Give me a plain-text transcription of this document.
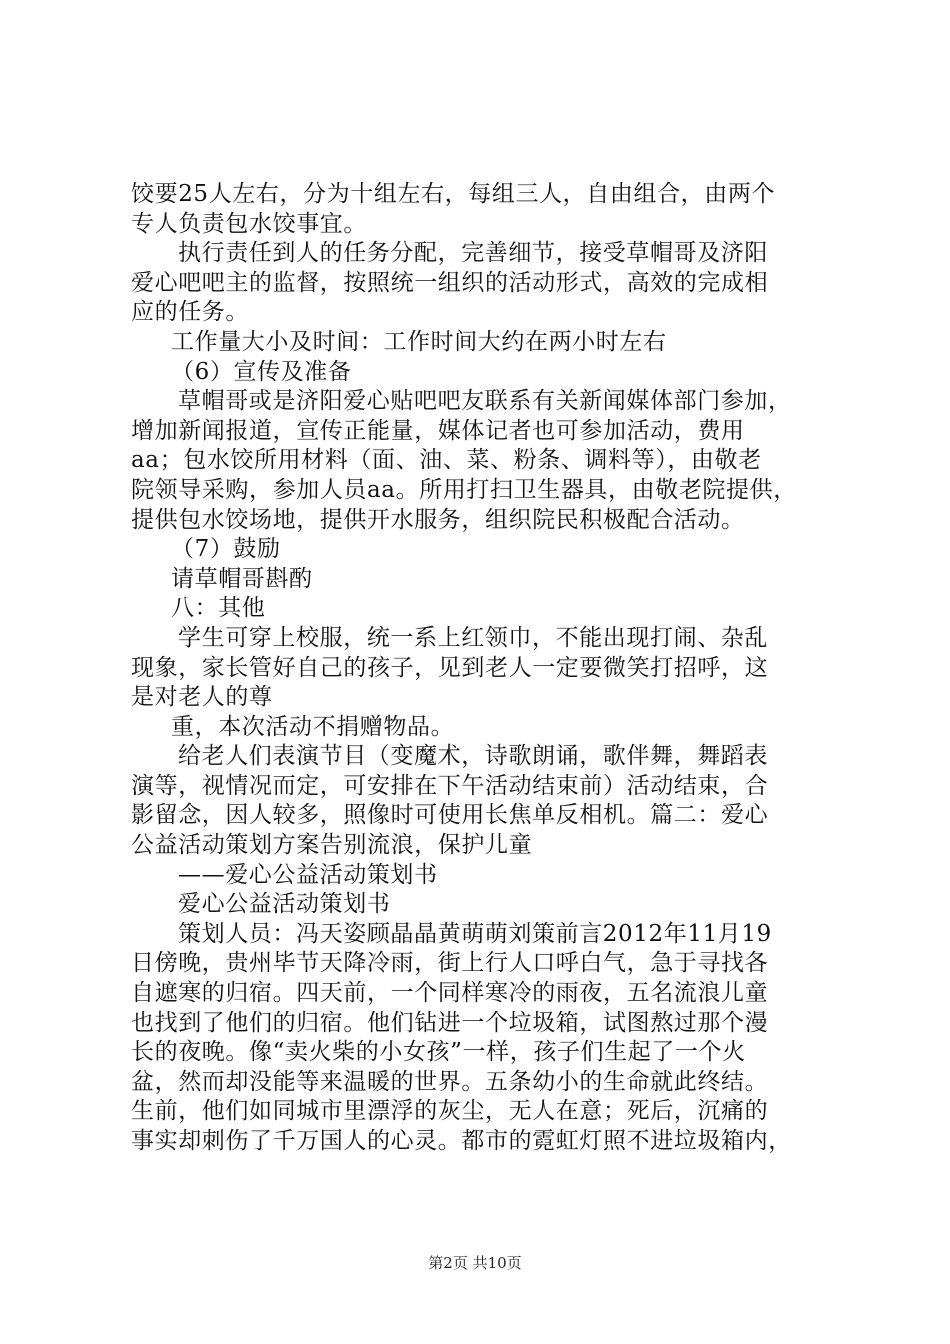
饺要25人左右，分为十组左右，每组三人，自由组合，由两个
专人负责包水饺事宜。
执行责任到人的任务分配，完善细节，接受草帽哥及济阳
爱心吧吧主的监督，按照统一组织的活动形式，高效的完成相
应的任务。
工作量大小及时间：工作时间大约在两小时左右
（6）宣传及准备
草帽哥或是济阳爱心贴吧吧友联系有关新闻媒体部门参加，
增加新闻报道，宣传正能量，媒体记者也可参加活动，费用
aa；包水饺所用材料（面、油、菜、粉条、调料等），由敬老
院领导采购，参加人员aa。所用打扫卫生器具，由敬老院提供，
提供包水饺场地，提供开水服务，组织院民积极配合活动。
（7）鼓励
请草帽哥斟酌
八：其他
学生可穿上校服，统一系上红领巾，不能出现打闹、杂乱
现象，家长管好自己的孩子，见到老人一定要微笑打招呼，这
是对老人的尊
重，本次活动不捐赠物品。
给老人们表演节目（变魔术，诗歌朗诵，歌伴舞，舞蹈表
演等，视情况而定，可安排在下午活动结束前）活动结束，合
影留念，因人较多，照像时可使用长焦单反相机。篇二：爱心
公益活动策划方案告别流浪，保护儿童
——爱心公益活动策划书
爱心公益活动策划书
策划人员：冯天姿顾晶晶黄萌萌刘策前言2012年11月19
日傍晚，贵州毕节天降冷雨，街上行人口呼白气，急于寻找各
自遮寒的归宿。四天前，一个同样寒冷的雨夜，五名流浪儿童
也找到了他们的归宿。他们钻进一个垃圾箱，试图熬过那个漫
长的夜晚。像“卖火柴的小女孩”一样，孩子们生起了一个火
盆，然而却没能等来温暖的世界。五条幼小的生命就此终结。
生前，他们如同城市里漂浮的灰尘，无人在意；死后，沉痛的
事实却刺伤了千万国人的心灵。都市的霓虹灯照不进垃圾箱内，
第2页 共10页
